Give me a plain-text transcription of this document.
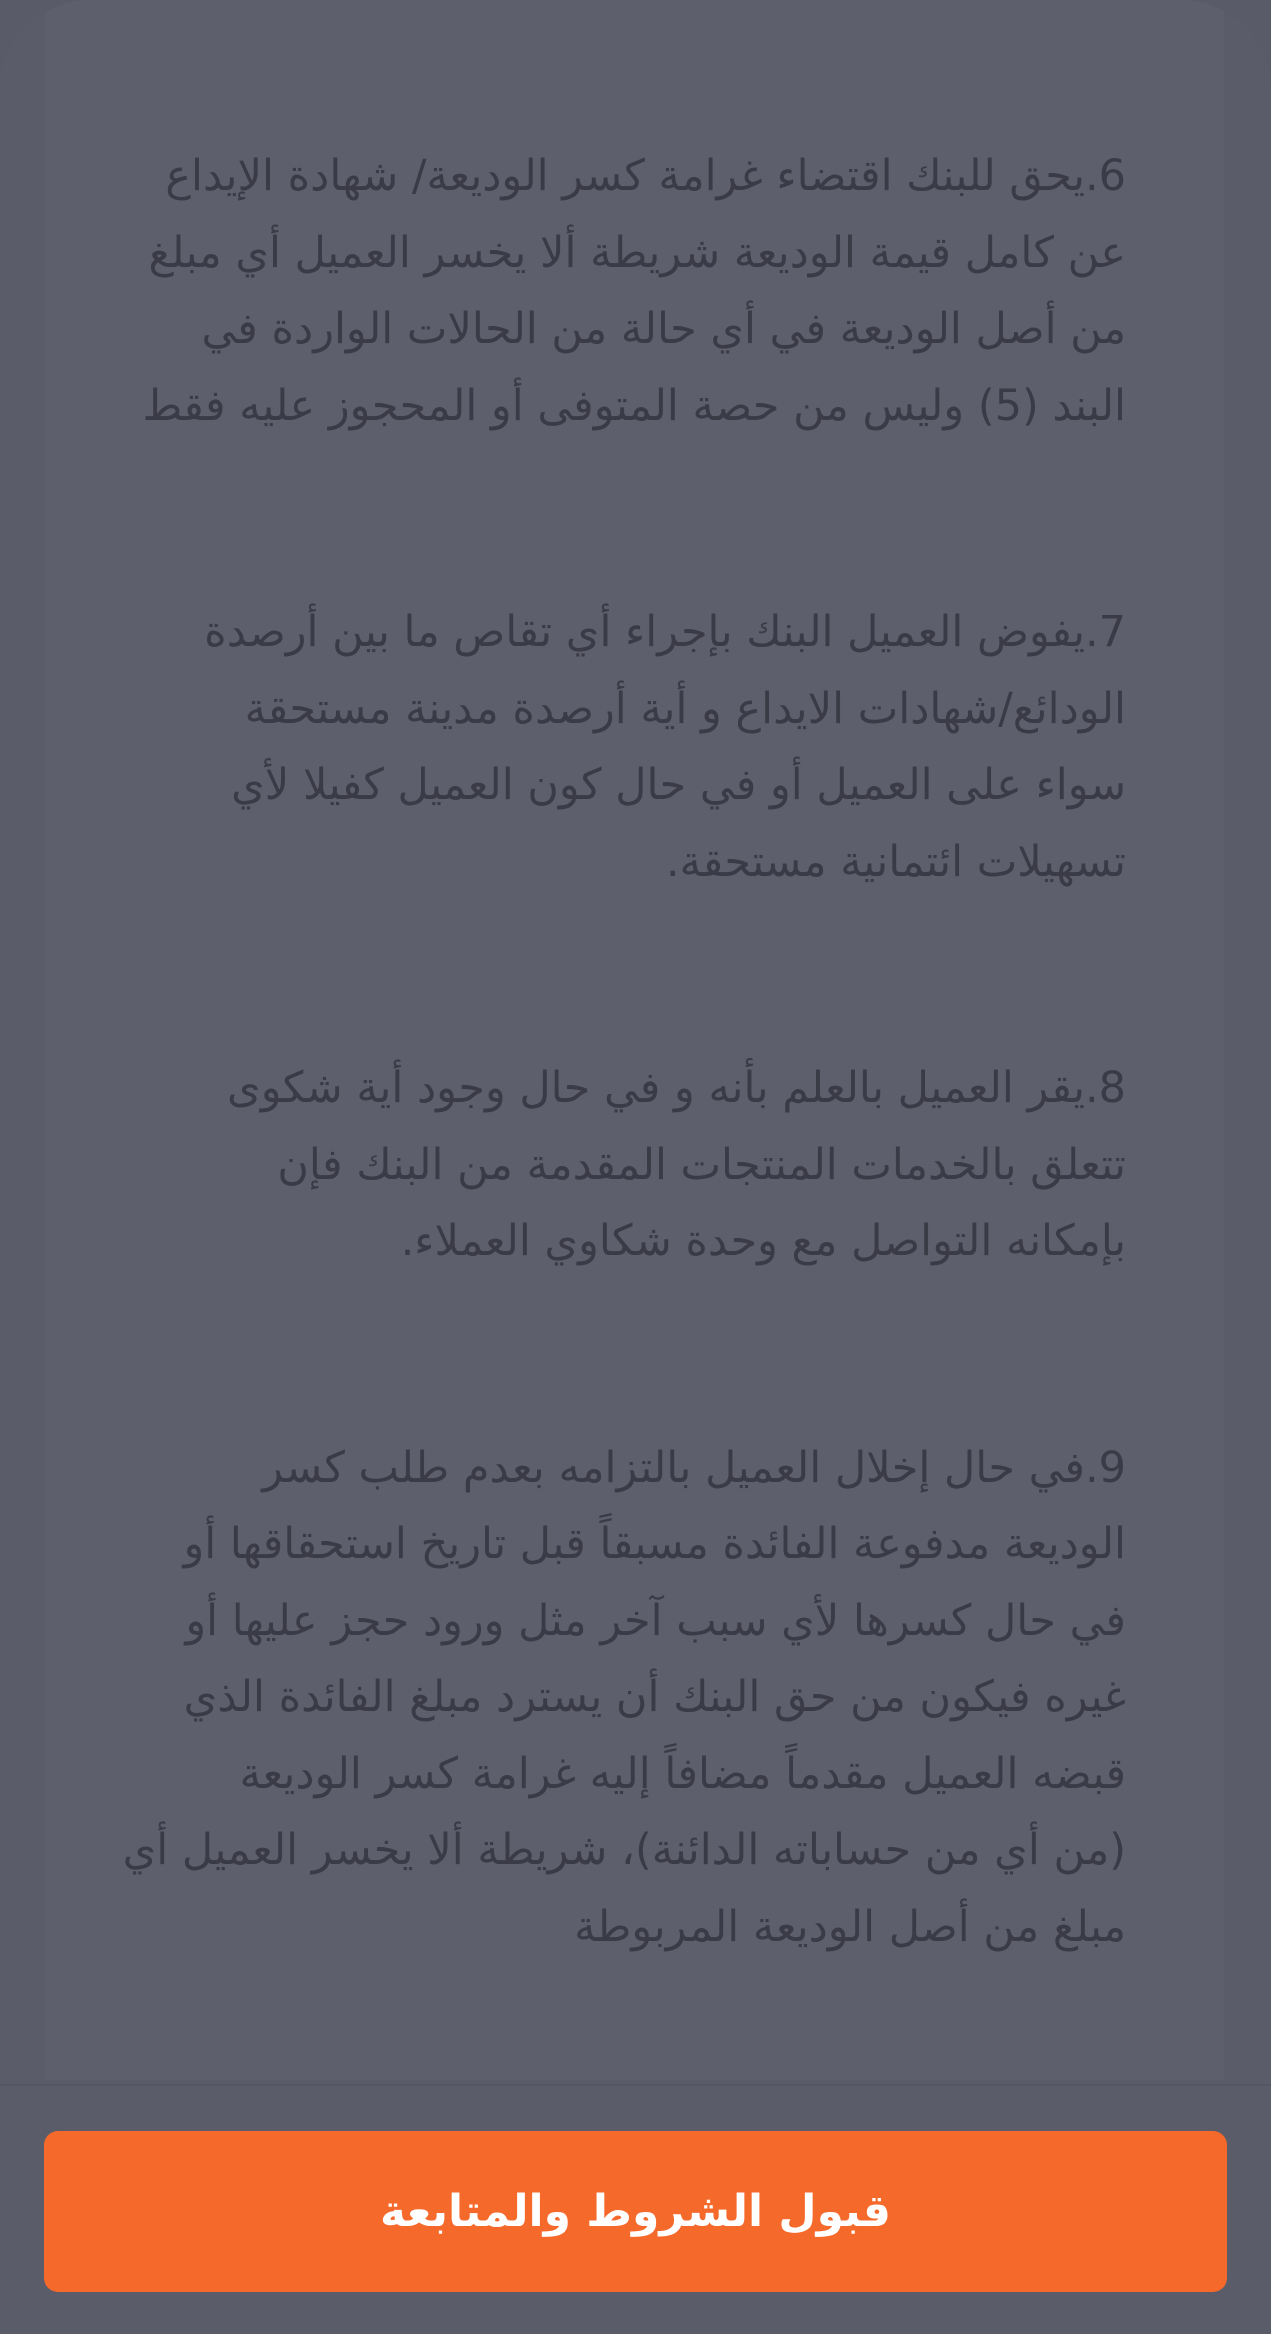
6.يحق للبنك اقتضاء غرامة كسر الوديعة/ شهادة الإيداع
عن كامل قيمة الوديعة شريطة ألا يخسر العميل أي مبلغ
من أصل الوديعة في أي حالة من الحالات الواردة في
البند (5) وليس من حصة المتوفى أو المحجوز عليه فقط

7.يفوض العميل البنك بإجراء أي تقاص ما بين أرصدة
الودائع/شهادات الايداع و أية أرصدة مدينة مستحقة
سواء على العميل أو في حال كون العميل كفيلا لأي
تسهيلات ائتمانية مستحقة.

8.يقر العميل بالعلم بأنه و في حال وجود أية شكوى
تتعلق بالخدمات المنتجات المقدمة من البنك فإن
بإمكانه التواصل مع وحدة شكاوي العملاء.

9.في حال إخلال العميل بالتزامه بعدم طلب كسر
الوديعة مدفوعة الفائدة مسبقاً قبل تاريخ استحقاقها أو
في حال كسرها لأي سبب آخر مثل ورود حجز عليها أو
غيره فيكون من حق البنك أن يسترد مبلغ الفائدة الذي
قبضه العميل مقدماً مضافاً إليه غرامة كسر الوديعة
(من أي من حساباته الدائنة)، شريطة ألا يخسر العميل أي
مبلغ من أصل الوديعة المربوطة

قبول الشروط والمتابعة
